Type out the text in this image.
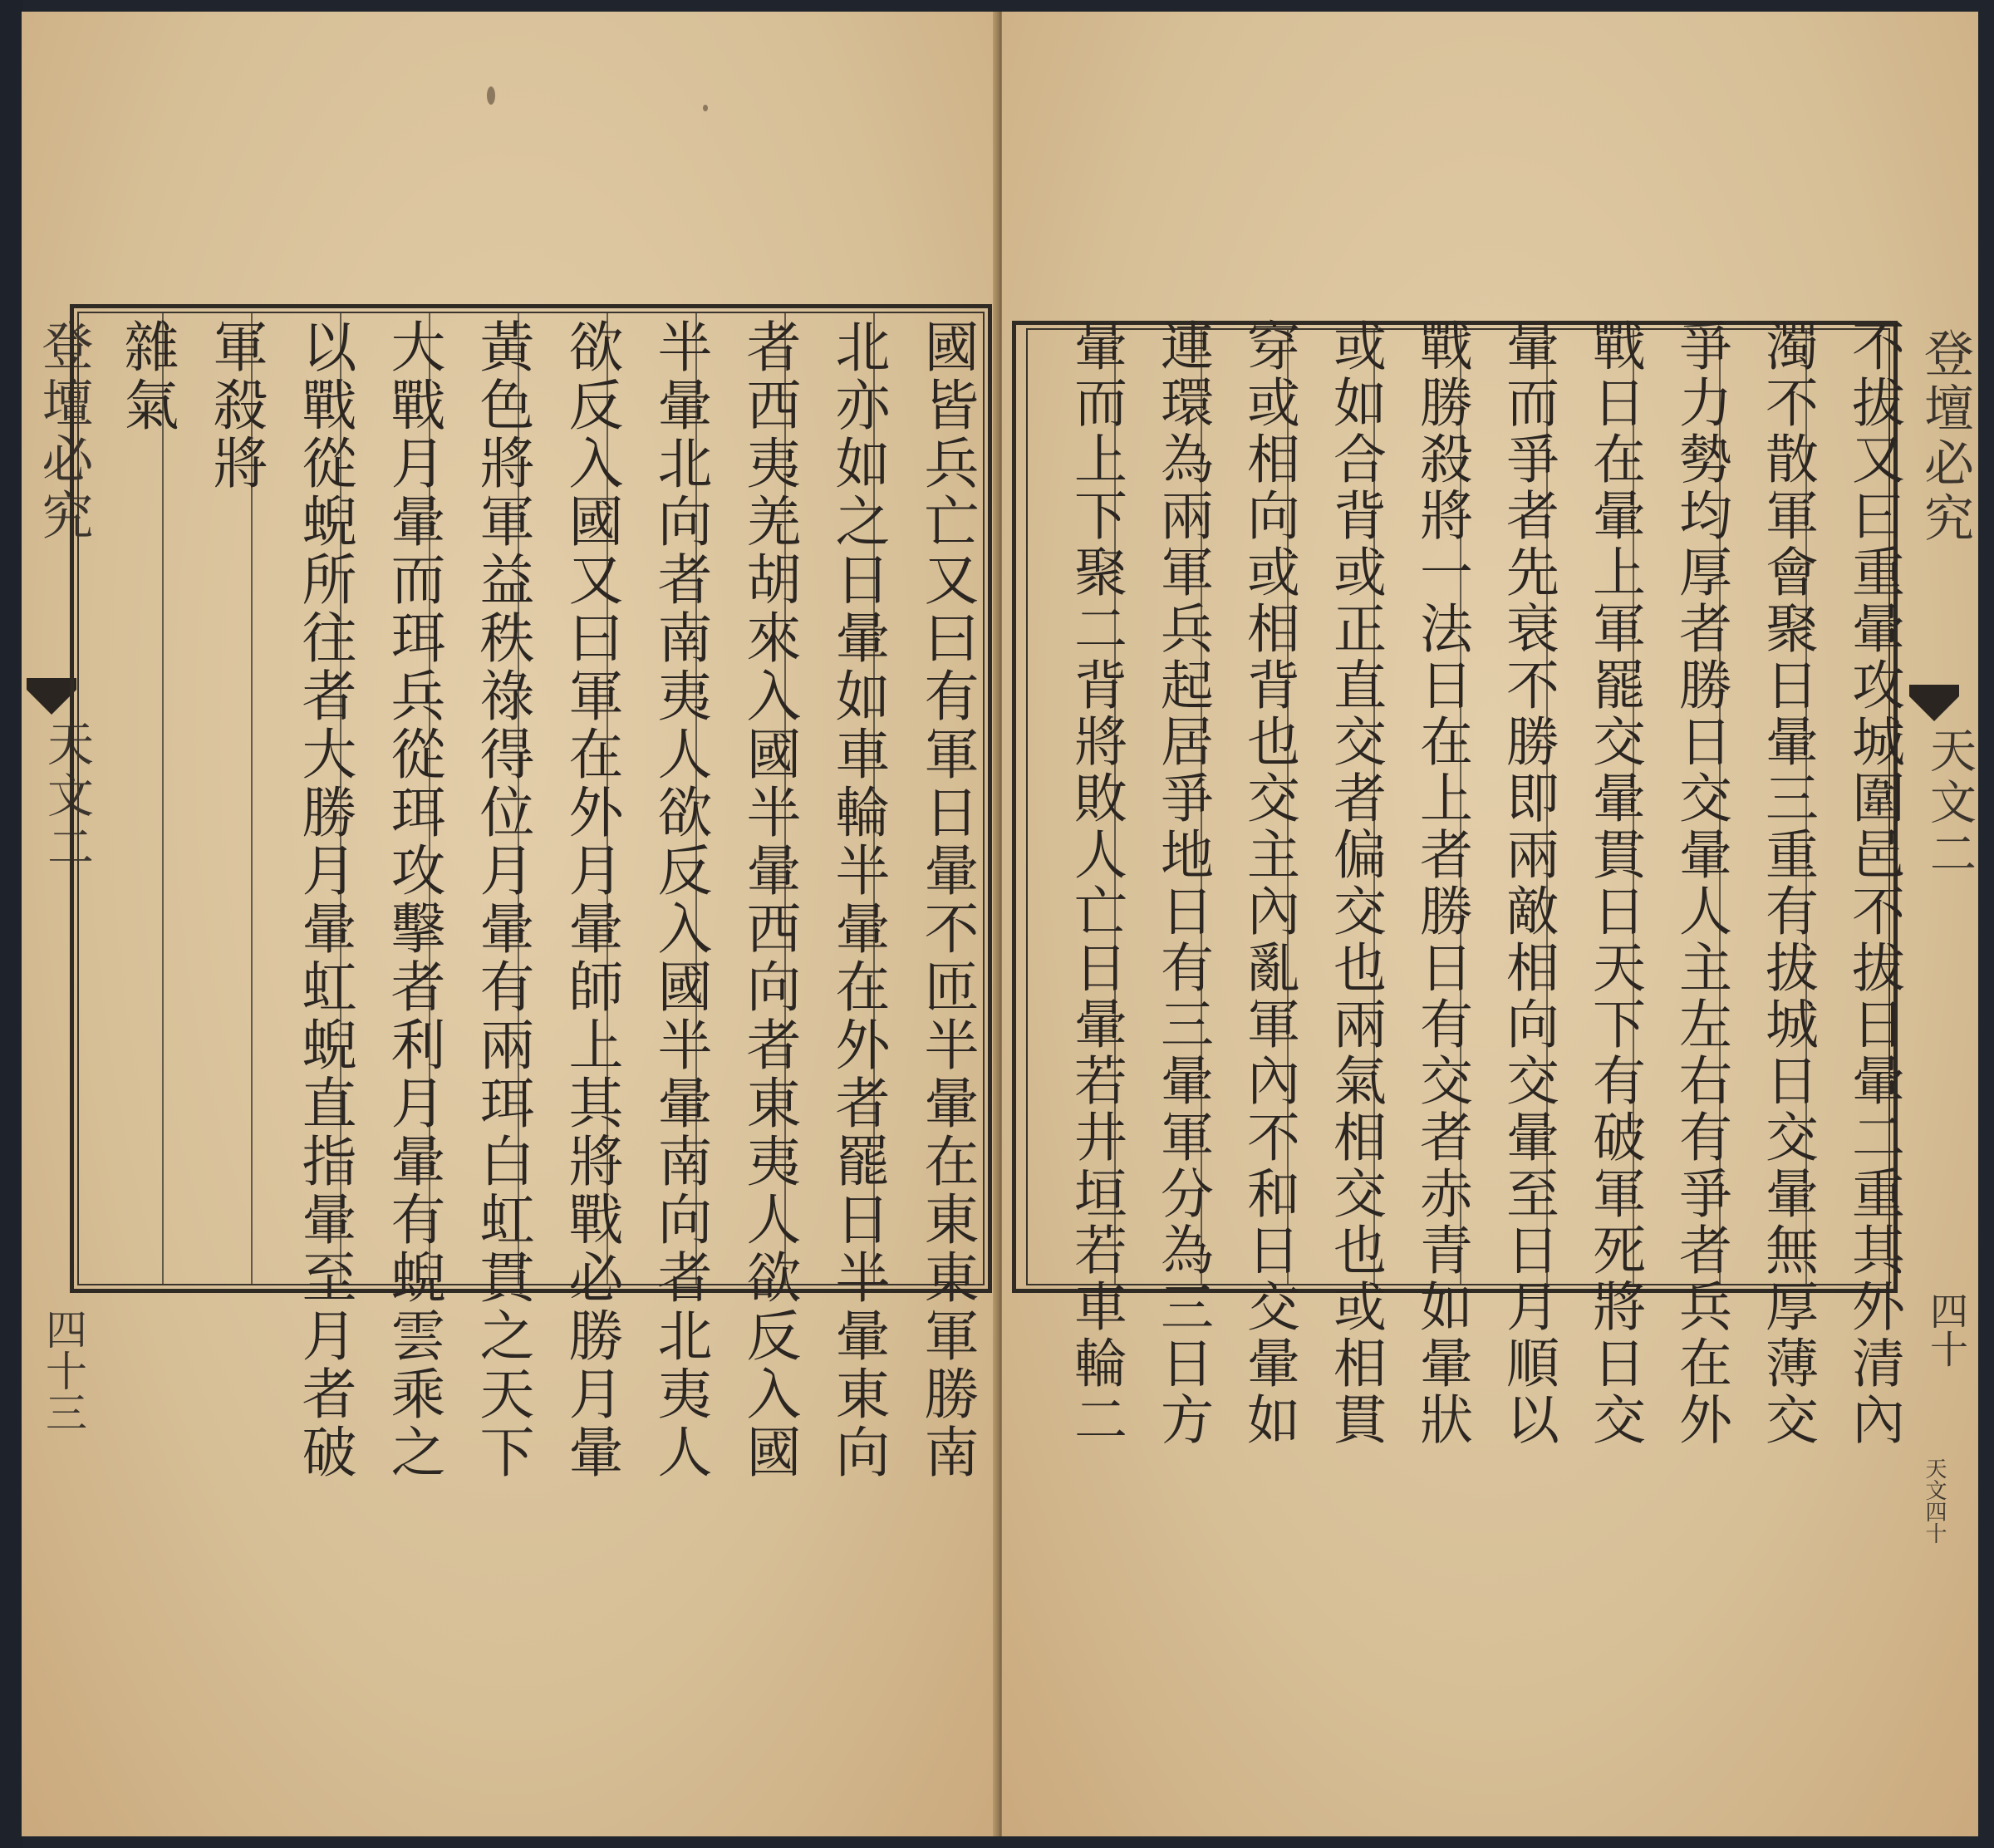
登壇必究
天文二
四十三	國皆兵亡又曰有軍日暈不匝半暈在東東軍勝南
北亦如之日暈如車輪半暈在外者罷日半暈東向
者西夷羌胡來入國半暈西向者東夷人欲反入國
半暈北向者南夷人欲反入國半暈南向者北夷人
欲反入國又曰軍在外月暈師上其將戰必勝月暈
黃色將軍益秩祿得位月暈有兩珥白虹貫之天下
大戰月暈而珥兵從珥攻擊者利月暈有蜺雲乘之
以戰從蜺所往者大勝月暈虹蜺直指暈至月者破
軍殺將
雜氣	不拔又曰重暈攻城圍邑不拔日暈二重其外清內
濁不散軍會聚日暈三重有拔城日交暈無厚薄交
爭力勢均厚者勝日交暈人主左右有爭者兵在外
戰日在暈上軍罷交暈貫日天下有破軍死將日交
暈而爭者先衰不勝即兩敵相向交暈至日月順以
戰勝殺將一法日在上者勝日有交者赤青如暈狀
或如合背或正直交者偏交也兩氣相交也或相貫
穿或相向或相背也交主內亂軍內不和日交暈如
連環為兩軍兵起居爭地日有三暈軍分為三日方
暈而上下聚二背將敗人亡日暈若井垣若車輪二	登壇必究
天文二
四十
天文四十
